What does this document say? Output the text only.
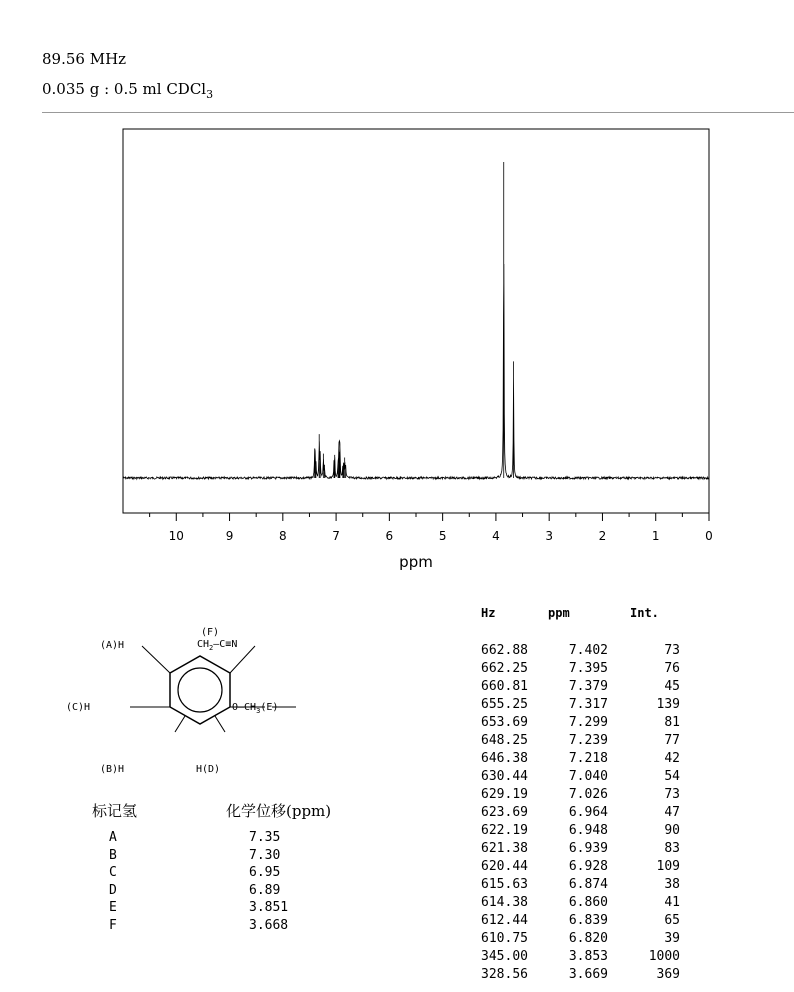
89.56 MHz
0.035 g : 0.5 ml CDCl$_3$
10	9	8	7	6	5	4	3	2	1	0
ppm
(A)H
(C)H
(B)H	H(D)
(F)
$CH_2—C\equiv N$
$O—CH_3(E)$
标记氢	化学位移(ppm)
A	7.35
B	7.30
C	6.95
D	6.89
E	3.851
F	3.668
Hz	ppm	Int.
662.88	7.402	73
662.25	7.395	76
660.81	7.379	45
655.25	7.317	139
653.69	7.299	81
648.25	7.239	77
646.38	7.218	42
630.44	7.040	54
629.19	7.026	73
623.69	6.964	47
622.19	6.948	90
621.38	6.939	83
620.44	6.928	109
615.63	6.874	38
614.38	6.860	41
612.44	6.839	65
610.75	6.820	39
345.00	3.853	1000
328.56	3.669	369
